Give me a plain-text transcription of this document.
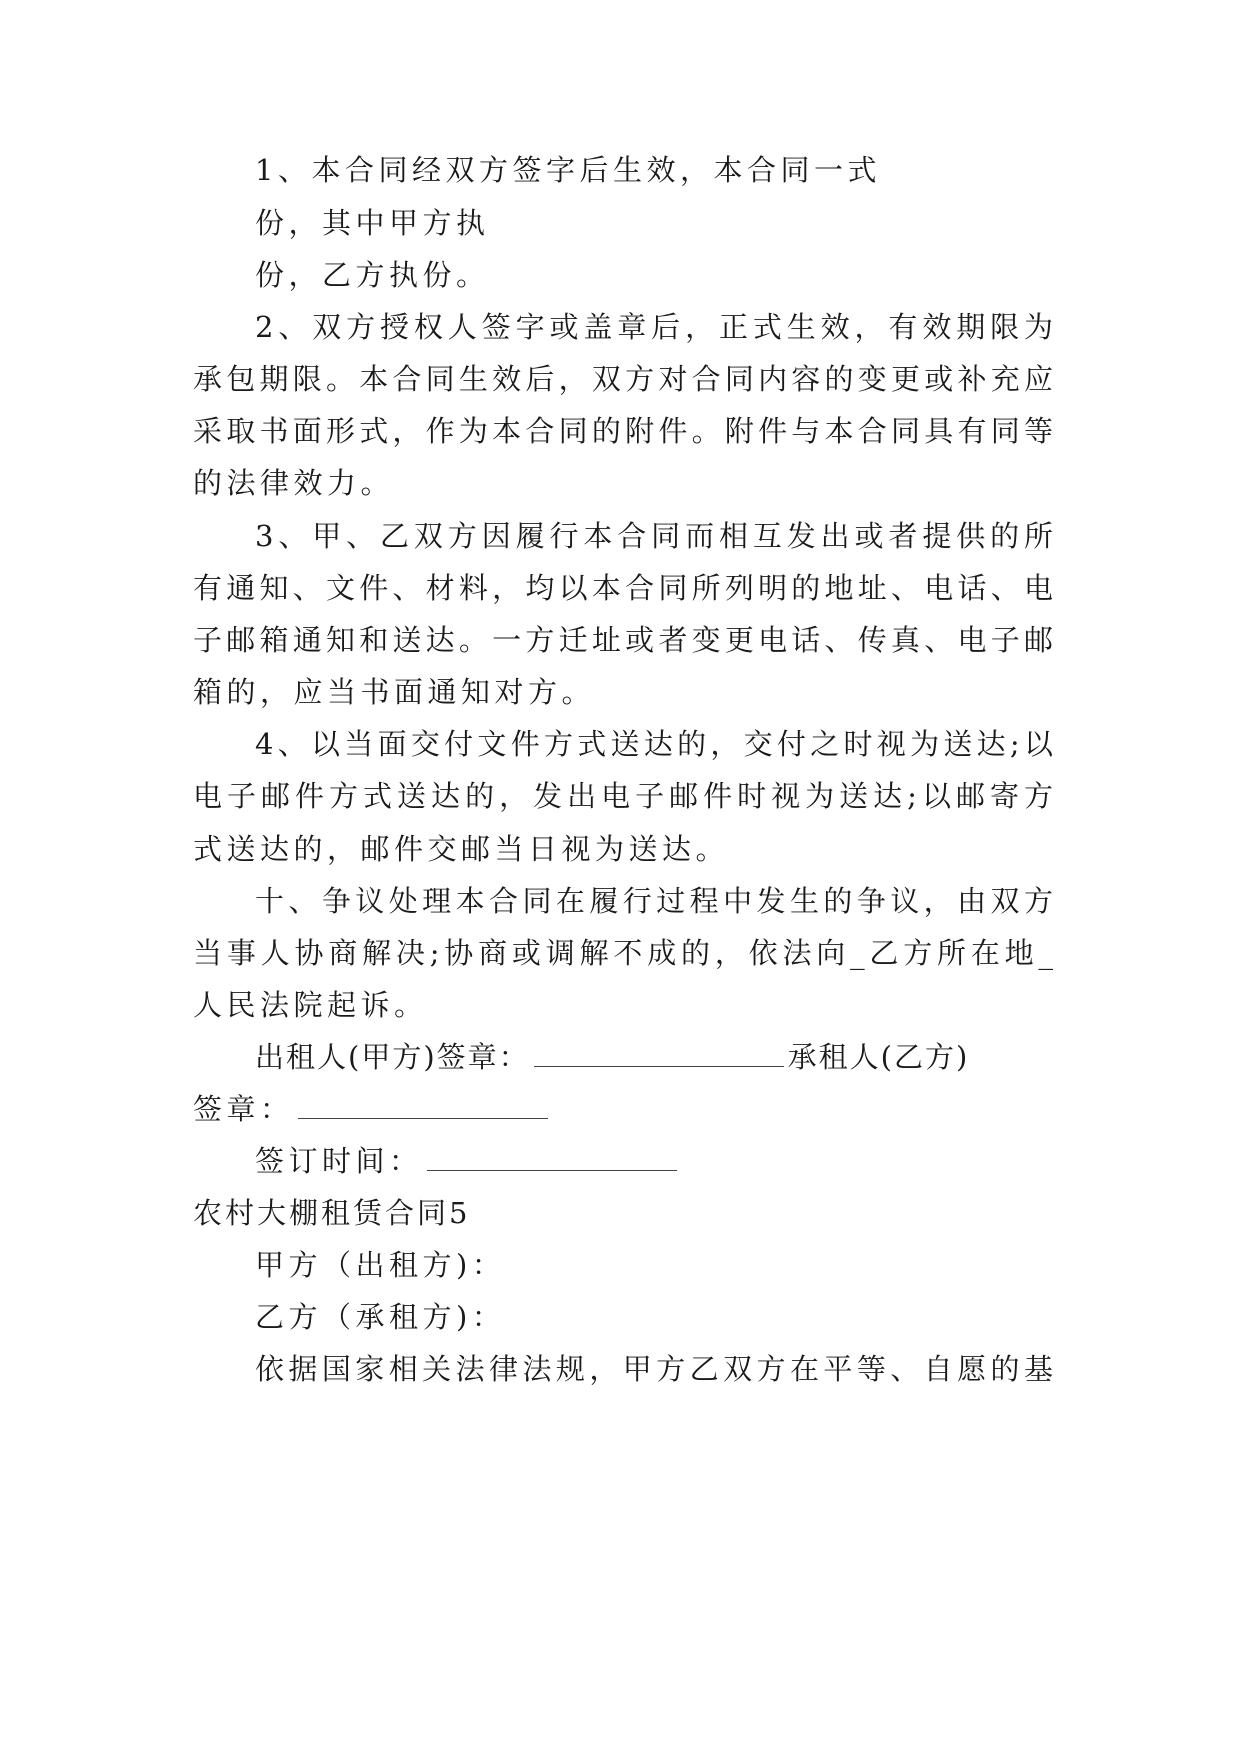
1、本合同经双方签字后生效，本合同一式
份，其中甲方执
份，乙方执份。
2、双方授权人签字或盖章后，正式生效，有效期限为
承包期限。本合同生效后，双方对合同内容的变更或补充应
采取书面形式，作为本合同的附件。附件与本合同具有同等
的法律效力。
3、甲、乙双方因履行本合同而相互发出或者提供的所
有通知、文件、材料，均以本合同所列明的地址、电话、电
子邮箱通知和送达。一方迁址或者变更电话、传真、电子邮
箱的，应当书面通知对方。
4、以当面交付文件方式送达的，交付之时视为送达;以
电子邮件方式送达的，发出电子邮件时视为送达;以邮寄方
式送达的，邮件交邮当日视为送达。
十、争议处理本合同在履行过程中发生的争议，由双方
当事人协商解决;协商或调解不成的，依法向_乙方所在地_
人民法院起诉。
出租人(甲方)签章：	承租人(乙方)
签章：
签订时间：
农村大棚租赁合同5
甲方（出租方)：
乙方（承租方)：
依据国家相关法律法规，甲方乙双方在平等、自愿的基
